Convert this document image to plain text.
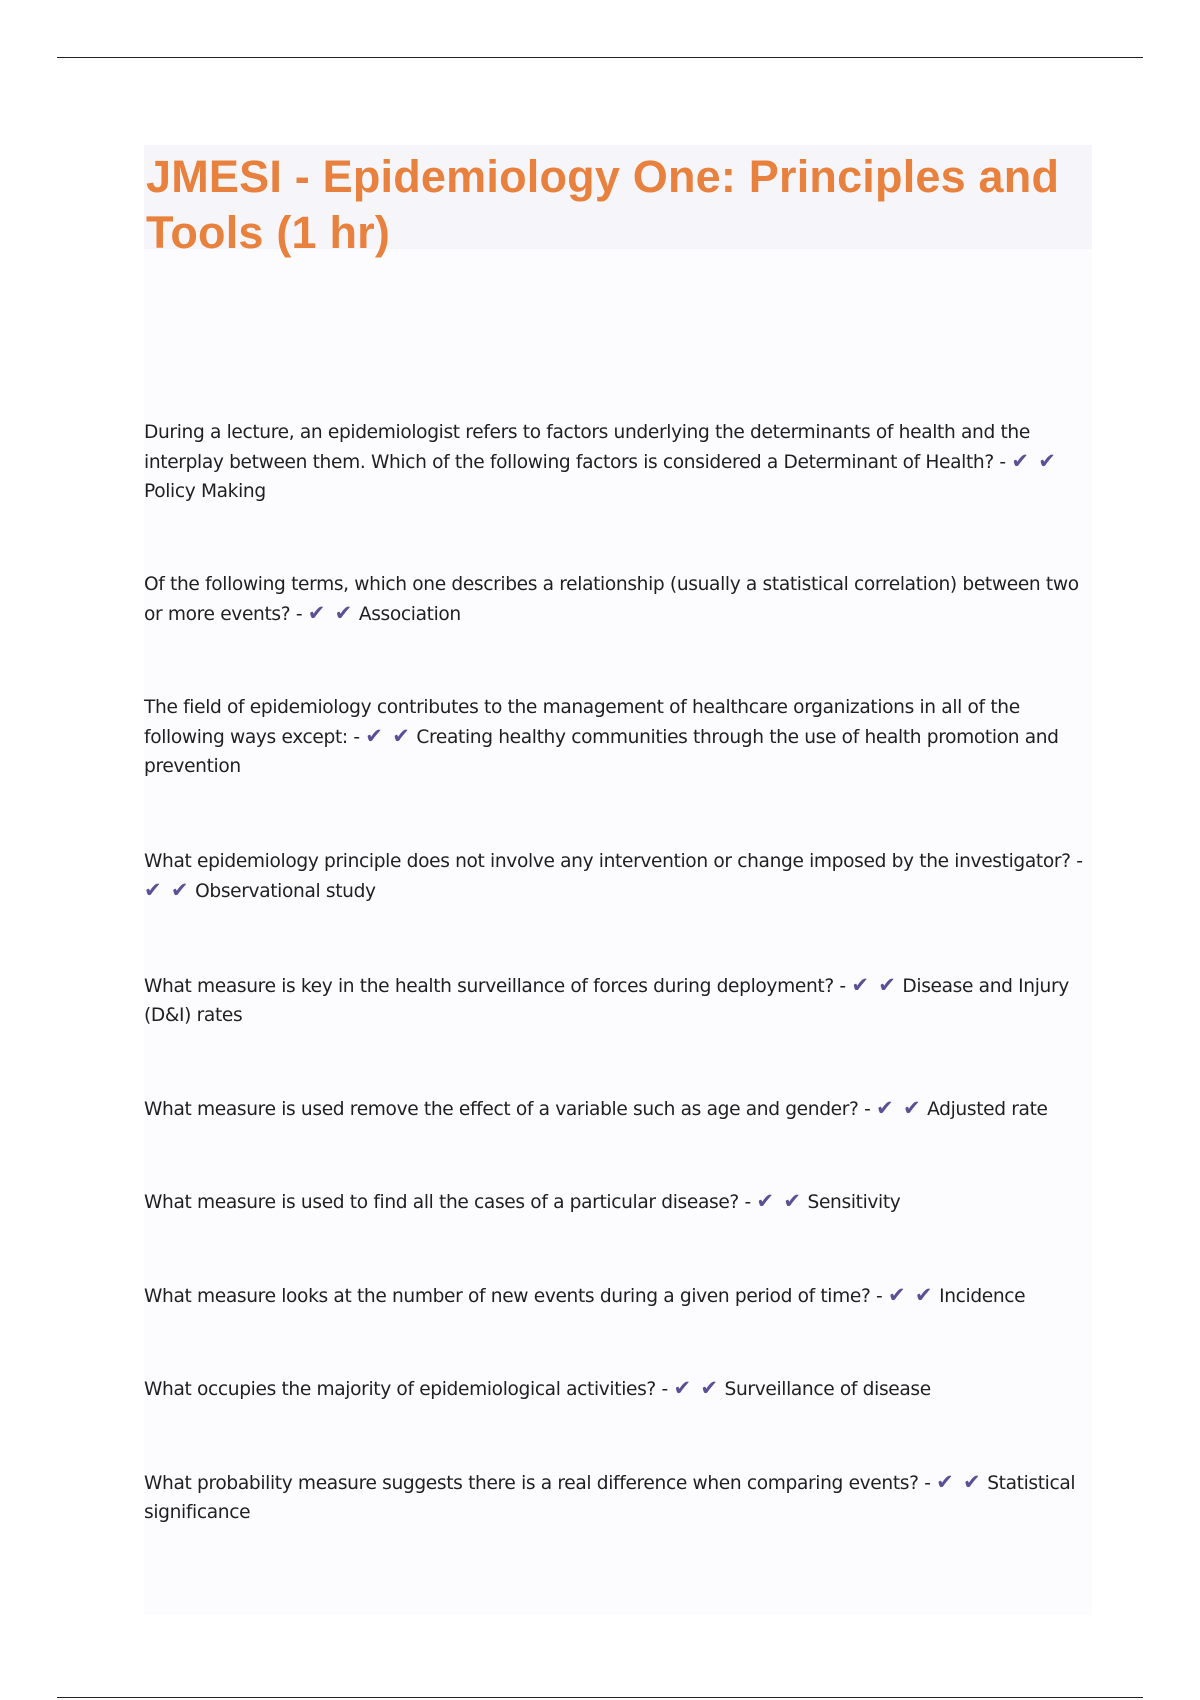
JMESI - Epidemiology One: Principles and Tools (1 hr)

During a lecture, an epidemiologist refers to factors underlying the determinants of health and the interplay between them. Which of the following factors is considered a Determinant of Health? - ✔ ✔ Policy Making

Of the following terms, which one describes a relationship (usually a statistical correlation) between two or more events? - ✔ ✔ Association

The field of epidemiology contributes to the management of healthcare organizations in all of the following ways except: - ✔ ✔ Creating healthy communities through the use of health promotion and prevention

What epidemiology principle does not involve any intervention or change imposed by the investigator? - ✔ ✔ Observational study

What measure is key in the health surveillance of forces during deployment? - ✔ ✔ Disease and Injury (D&I) rates

What measure is used remove the effect of a variable such as age and gender? - ✔ ✔ Adjusted rate

What measure is used to find all the cases of a particular disease? - ✔ ✔ Sensitivity

What measure looks at the number of new events during a given period of time? - ✔ ✔ Incidence

What occupies the majority of epidemiological activities? - ✔ ✔ Surveillance of disease

What probability measure suggests there is a real difference when comparing events? - ✔ ✔ Statistical significance
